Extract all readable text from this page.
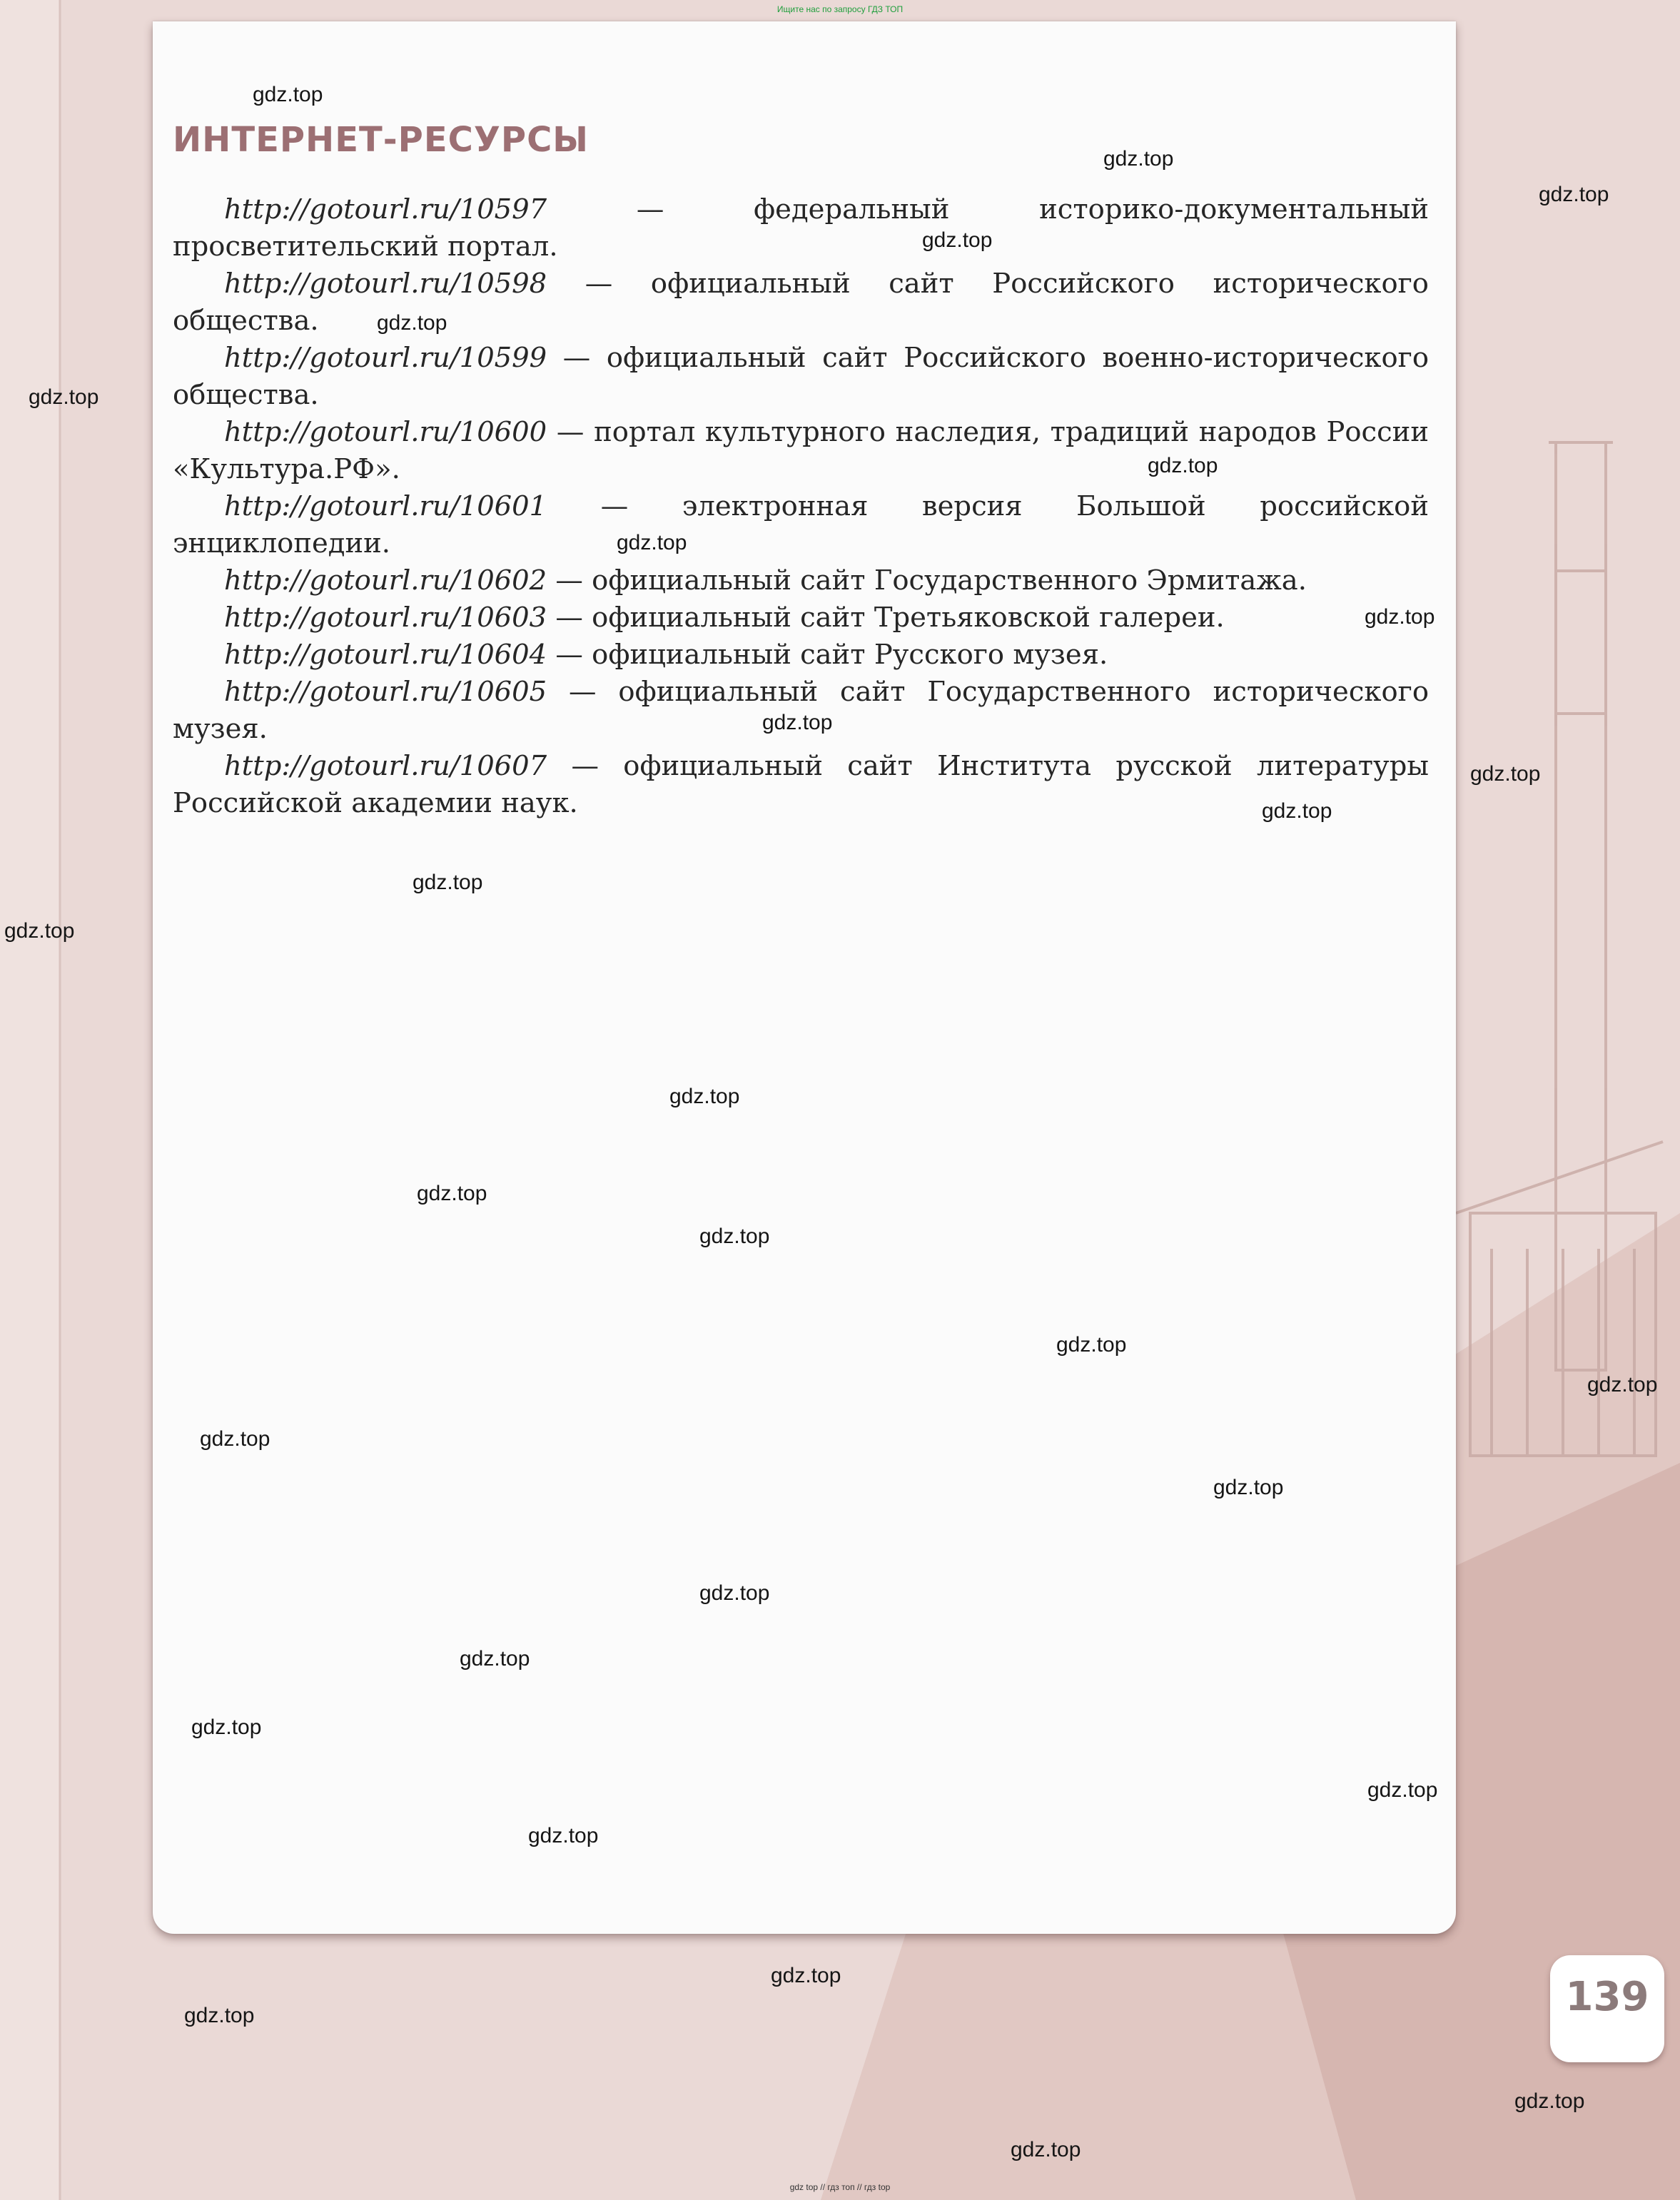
Ищите нас по запросу ГДЗ ТОП
ИНТЕРНЕТ-РЕСУРСЫ
http://gotourl.ru/10597 — федеральный историко-документальный просветительский портал.
http://gotourl.ru/10598 — официальный сайт Российского исторического общества.
http://gotourl.ru/10599 — официальный сайт Российского военно-исторического общества.
http://gotourl.ru/10600 — портал культурного наследия, традиций народов России «Культура.РФ».
http://gotourl.ru/10601 — электронная версия Большой российской энциклопедии.
http://gotourl.ru/10602 — официальный сайт Государственного Эрмитажа.
http://gotourl.ru/10603 — официальный сайт Третьяковской галереи.
http://gotourl.ru/10604 — официальный сайт Русского музея.
http://gotourl.ru/10605 — официальный сайт Государственного исторического музея.
http://gotourl.ru/10607 — официальный сайт Института русской литературы Российской академии наук.
139
gdz.top
gdz.top
gdz.top
gdz.top
gdz.top
gdz.top
gdz.top
gdz.top
gdz.top
gdz.top
gdz.top
gdz.top
gdz.top
gdz.top
gdz.top
gdz.top
gdz.top
gdz.top
gdz.top
gdz.top
gdz.top
gdz.top
gdz.top
gdz.top
gdz.top
gdz.top
gdz.top
gdz.top
gdz.top
gdz.top
gdz top // гдз топ // гдз top
